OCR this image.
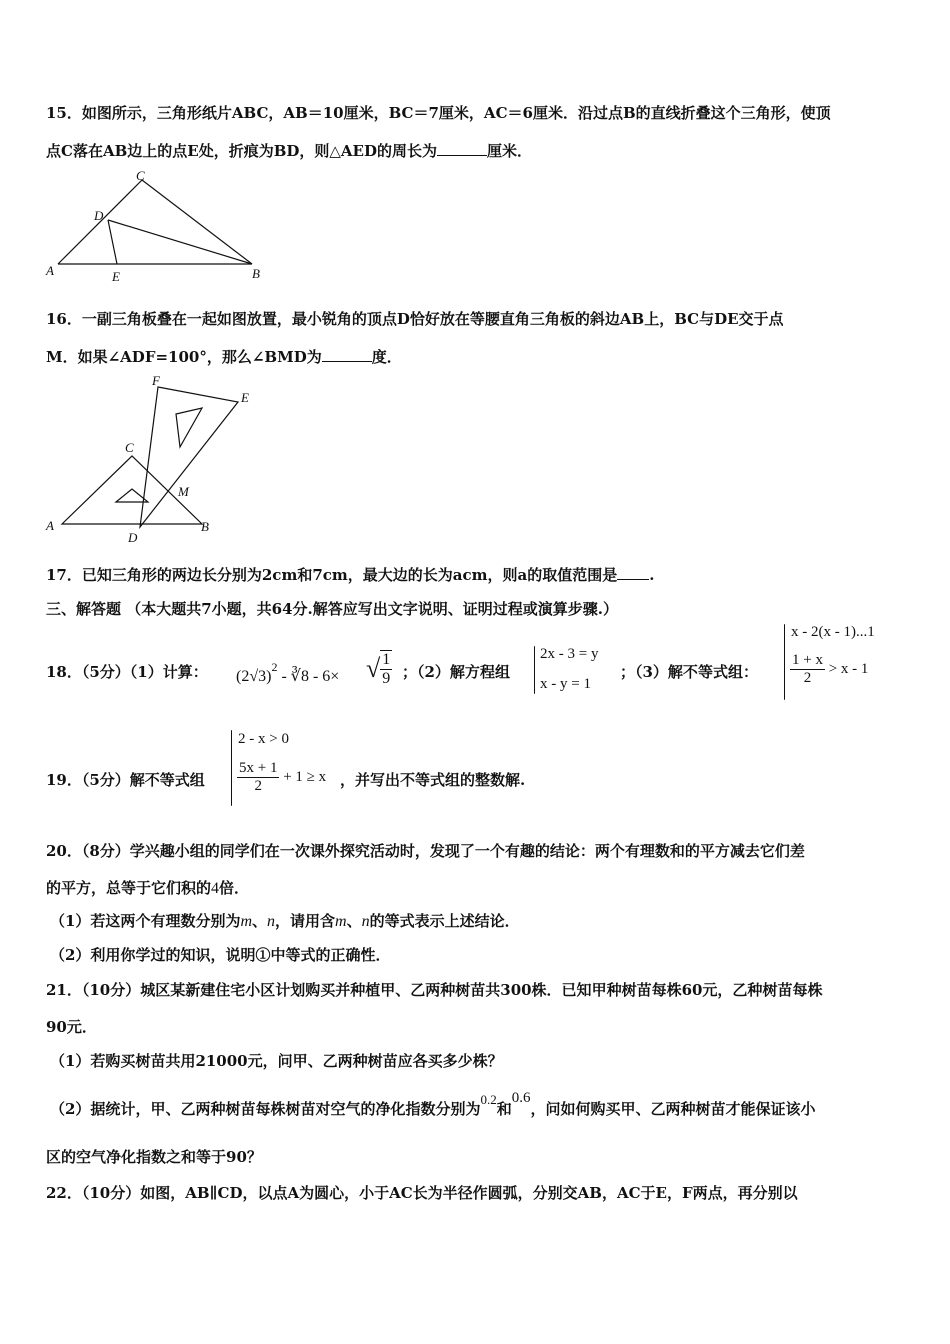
15．如图所示，三角形纸片ABC，AB＝10厘米，BC＝7厘米，AC＝6厘米．沿过点B的直线折叠这个三角形，使顶
点C落在AB边上的点E处，折痕为BD，则△AED的周长为	厘米．
C
D
A	E	B
16．一副三角板叠在一起如图放置，最小锐角的顶点D恰好放在等腰直角三角板的斜边AB上，BC与DE交于点
M．如果∠ADF=100°，那么∠BMD为	度．
F
E
C
M
A
D
B
17．已知三角形的两边长分别为2cm和7cm，最大边的长为acm，则a的取值范围是 .
三、解答题 （本大题共7小题，共64分.解答应写出文字说明、证明过程或演算步骤.）
18．（5分）（1）计算： $(2√3)^2$ - ∛8 - 6× √ $\frac{1}{9}$ ；（2）解方程组
2x - 3 = y
x - y = 1
；（3）解不等式组：
x - 2(x - 1)...1
$\frac{1 + x}{2} > x - 1$
19．（5分）解不等式组
2 - x > 0
$\frac{5x + 1}{2} + 1 \ge x$ ，并写出不等式组的整数解.
20．（8分）学兴趣小组的同学们在一次课外探究活动时，发现了一个有趣的结论：两个有理数和的平方减去它们差
的平方，总等于它们积的4倍．
（1）若这两个有理数分别为m、n，请用含m、n的等式表示上述结论．
（2）利用你学过的知识，说明①中等式的正确性．
21．（10分）城区某新建住宅小区计划购买并种植甲、乙两种树苗共300株．已知甲种树苗每株60元，乙种树苗每株
90元．
（1）若购买树苗共用21000元，问甲、乙两种树苗应各买多少株？
（2）据统计，甲、乙两种树苗每株树苗对空气的净化指数分别为0.2和0.6，问如何购买甲、乙两种树苗才能保证该小
区的空气净化指数之和等于90？
22．（10分）如图，AB∥CD，以点A为圆心，小于AC长为半径作圆弧，分别交AB，AC于E，F两点，再分别以
